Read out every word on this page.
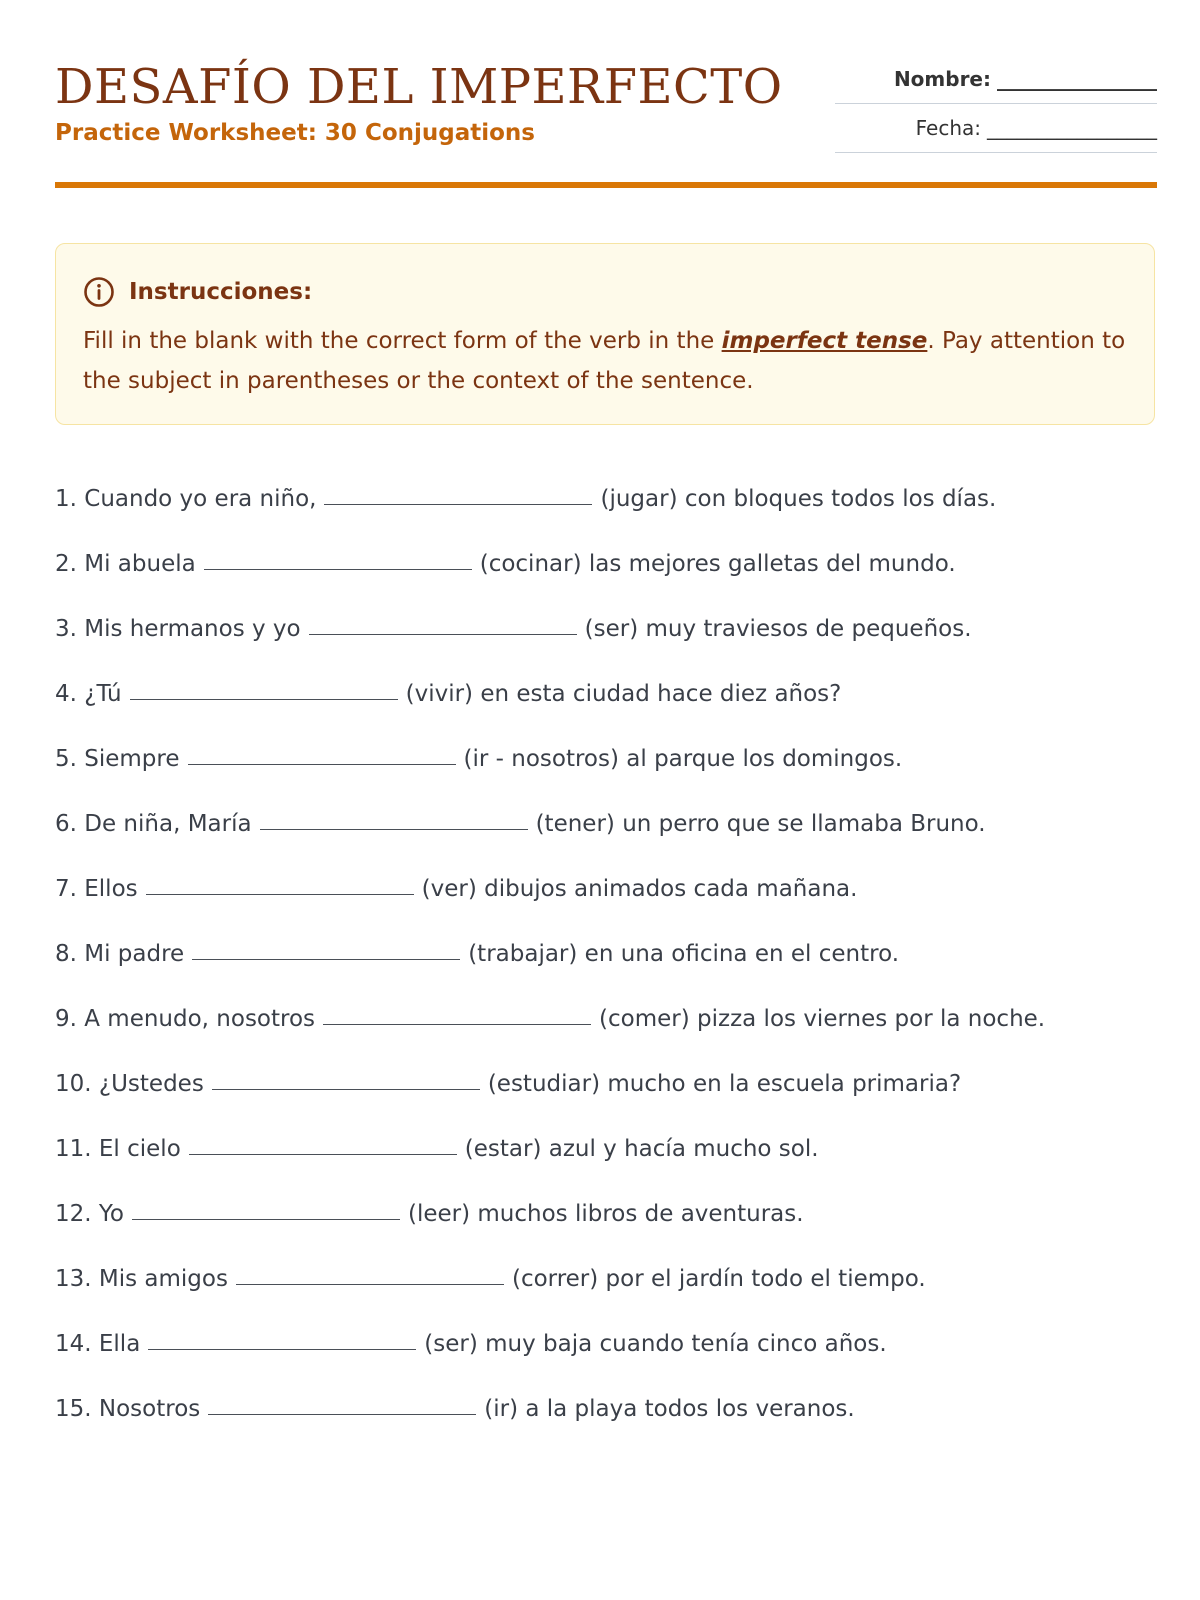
DESAFÍO DEL IMPERFECTO
Practice Worksheet: 30 Conjugations
Nombre: ________________
Fecha: _________________
Instrucciones:
Fill in the blank with the correct form of the verb in the imperfect tense. Pay attention to the subject in parentheses or the context of the sentence.
1. Cuando yo era niño,	(jugar) con bloques todos los días.
2. Mi abuela	(cocinar) las mejores galletas del mundo.
3. Mis hermanos y yo	(ser) muy traviesos de pequeños.
4. ¿Tú	(vivir) en esta ciudad hace diez años?
5. Siempre	(ir - nosotros) al parque los domingos.
6. De niña, María	(tener) un perro que se llamaba Bruno.
7. Ellos	(ver) dibujos animados cada mañana.
8. Mi padre	(trabajar) en una oficina en el centro.
9. A menudo, nosotros	(comer) pizza los viernes por la noche.
10. ¿Ustedes	(estudiar) mucho en la escuela primaria?
11. El cielo	(estar) azul y hacía mucho sol.
12. Yo	(leer) muchos libros de aventuras.
13. Mis amigos	(correr) por el jardín todo el tiempo.
14. Ella	(ser) muy baja cuando tenía cinco años.
15. Nosotros	(ir) a la playa todos los veranos.
